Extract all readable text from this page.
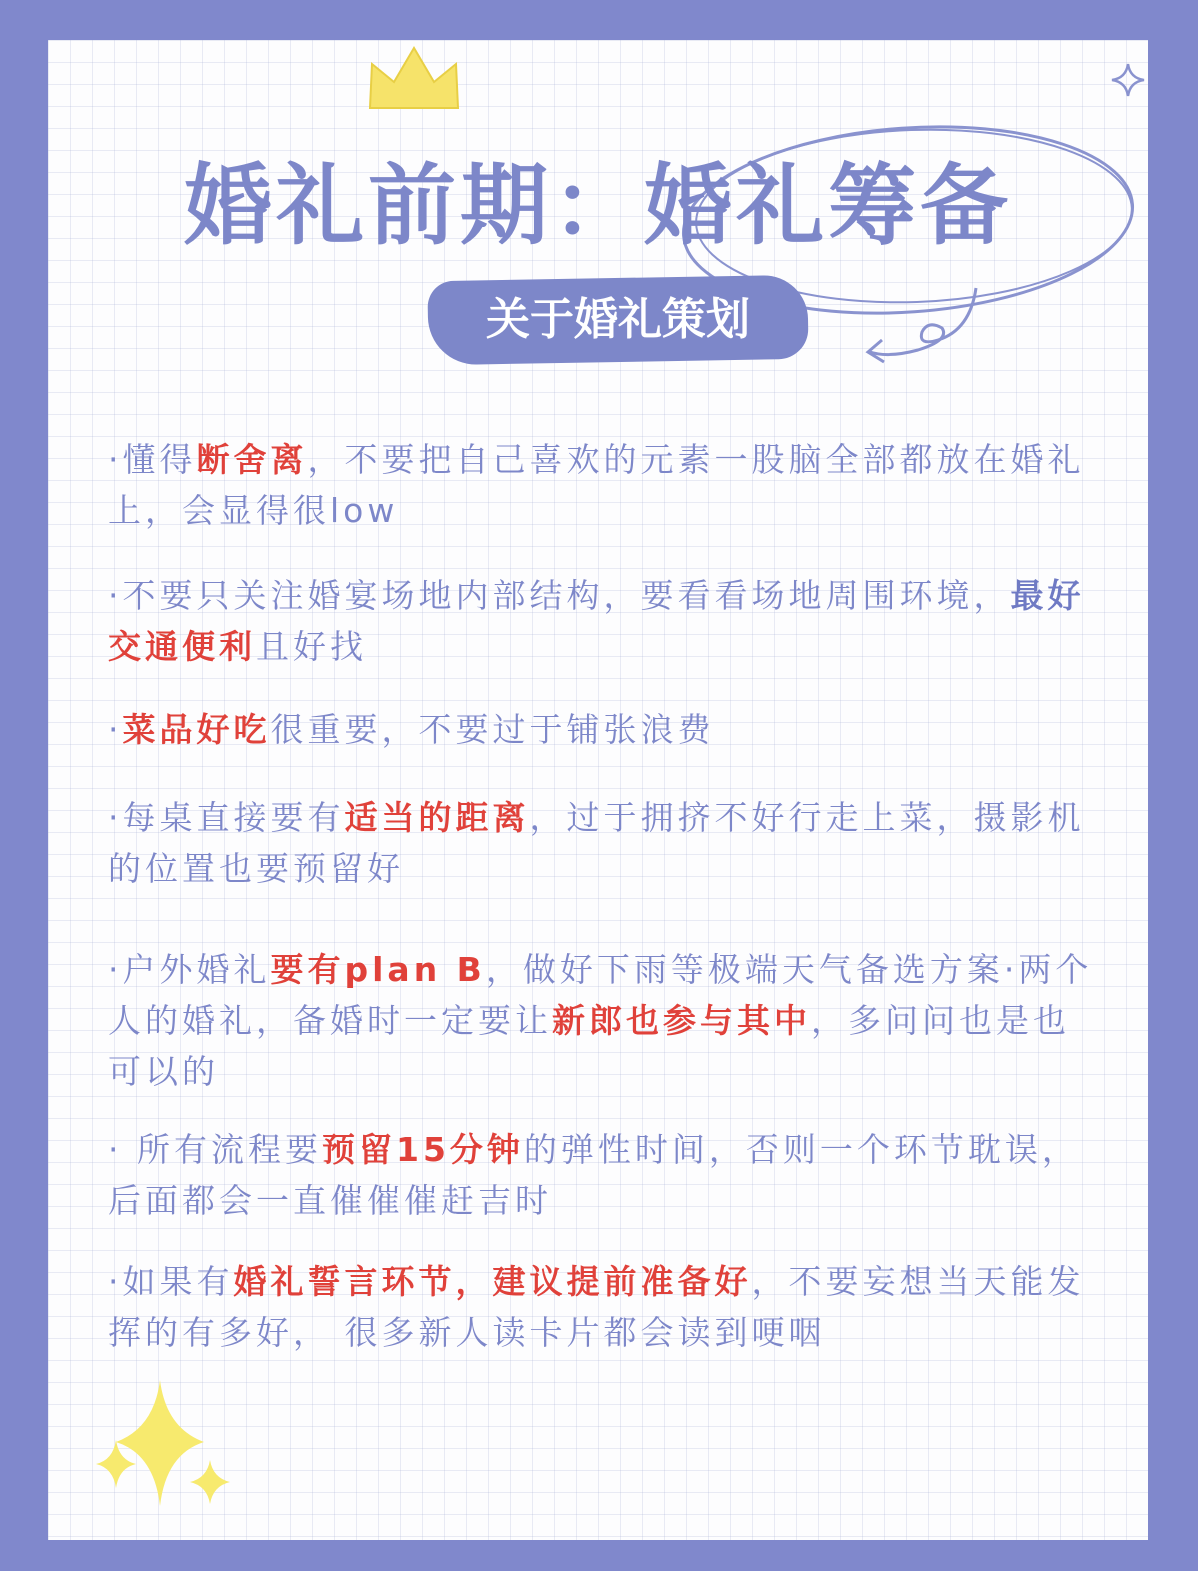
婚礼前期：婚礼筹备
关于婚礼策划
·懂得断舍离，不要把自己喜欢的元素一股脑全部都放在婚礼上，会显得很low
·不要只关注婚宴场地内部结构，要看看场地周围环境，最好交通便利且好找
·菜品好吃很重要，不要过于铺张浪费
·每桌直接要有适当的距离，过于拥挤不好行走上菜，摄影机的位置也要预留好
·户外婚礼要有plan B，做好下雨等极端天气备选方案·两个人的婚礼，备婚时一定要让新郎也参与其中，多问问也是也可以的
· 所有流程要预留15分钟的弹性时间，否则一个环节耽误，后面都会一直催催催赶吉时
·如果有婚礼誓言环节，建议提前准备好，不要妄想当天能发挥的有多好， 很多新人读卡片都会读到哽咽
